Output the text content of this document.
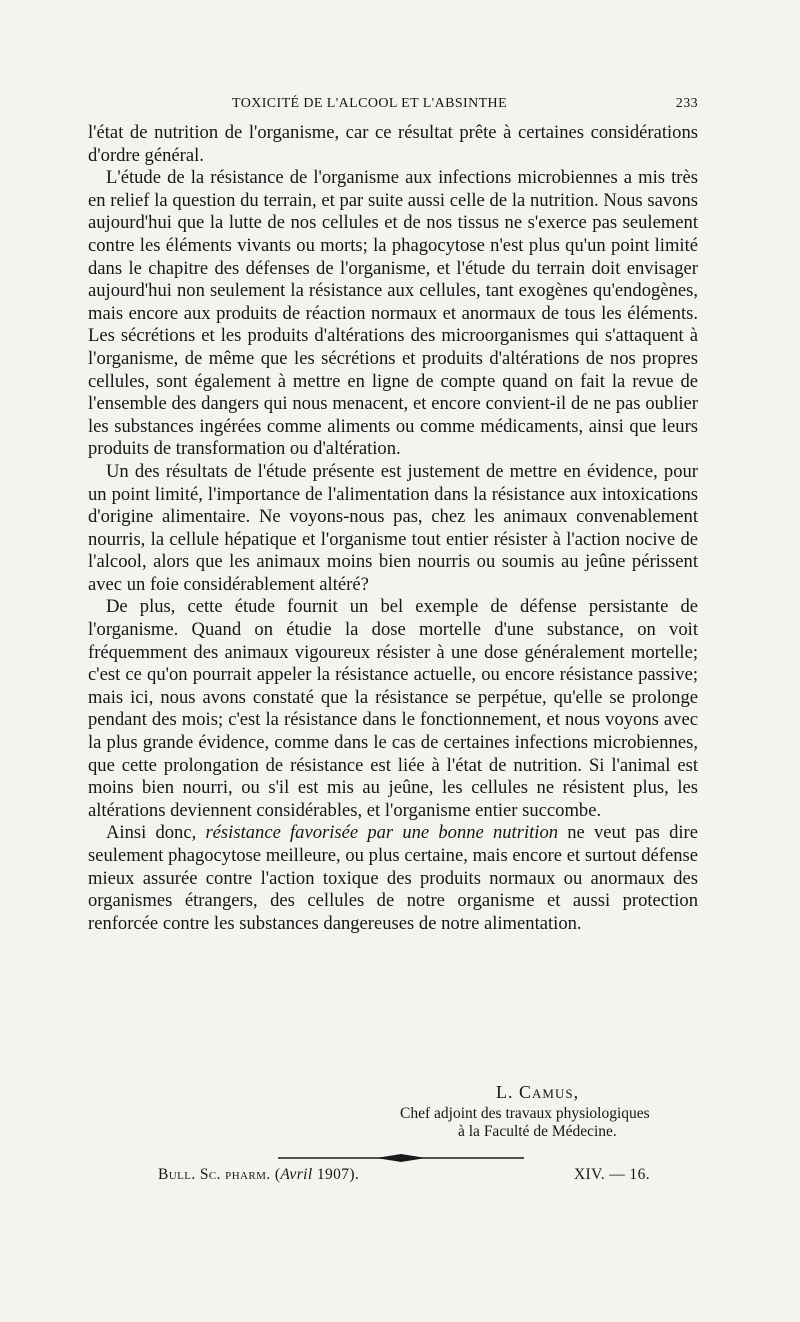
TOXICITÉ DE L'ALCOOL ET L'ABSINTHE	233

l'état de nutrition de l'organisme, car ce résultat prête à certaines considérations d'ordre général.

L'étude de la résistance de l'organisme aux infections microbiennes a mis très en relief la question du terrain, et par suite aussi celle de la nutrition. Nous savons aujourd'hui que la lutte de nos cellules et de nos tissus ne s'exerce pas seulement contre les éléments vivants ou morts; la phagocytose n'est plus qu'un point limité dans le chapitre des défenses de l'organisme, et l'étude du terrain doit envisager aujourd'hui non seulement la résistance aux cellules, tant exogènes qu'endogènes, mais encore aux produits de réaction normaux et anormaux de tous les éléments. Les sécrétions et les produits d'altérations des microorganismes qui s'attaquent à l'organisme, de même que les sécrétions et produits d'altérations de nos propres cellules, sont également à mettre en ligne de compte quand on fait la revue de l'ensemble des dangers qui nous menacent, et encore convient-il de ne pas oublier les substances ingérées comme aliments ou comme médicaments, ainsi que leurs produits de transformation ou d'altération.

Un des résultats de l'étude présente est justement de mettre en évidence, pour un point limité, l'importance de l'alimentation dans la résistance aux intoxications d'origine alimentaire. Ne voyons-nous pas, chez les animaux convenablement nourris, la cellule hépatique et l'organisme tout entier résister à l'action nocive de l'alcool, alors que les animaux moins bien nourris ou soumis au jeûne périssent avec un foie considérablement altéré?

De plus, cette étude fournit un bel exemple de défense persistante de l'organisme. Quand on étudie la dose mortelle d'une substance, on voit fréquemment des animaux vigoureux résister à une dose généralement mortelle; c'est ce qu'on pourrait appeler la résistance actuelle, ou encore résistance passive; mais ici, nous avons constaté que la résistance se perpétue, qu'elle se prolonge pendant des mois; c'est la résistance dans le fonctionnement, et nous voyons avec la plus grande évidence, comme dans le cas de certaines infections microbiennes, que cette prolongation de résistance est liée à l'état de nutrition. Si l'animal est moins bien nourri, ou s'il est mis au jeûne, les cellules ne résistent plus, les altérations deviennent considérables, et l'organisme entier succombe.

Ainsi donc, résistance favorisée par une bonne nutrition ne veut pas dire seulement phagocytose meilleure, ou plus certaine, mais encore et surtout défense mieux assurée contre l'action toxique des produits normaux ou anormaux des organismes étrangers, des cellules de notre organisme et aussi protection renforcée contre les substances dangereuses de notre alimentation.

L. Camus,
Chef adjoint des travaux physiologiques
à la Faculté de Médecine.
Bull. Sc. pharm. (Avril 1907).	XIV. — 16.
